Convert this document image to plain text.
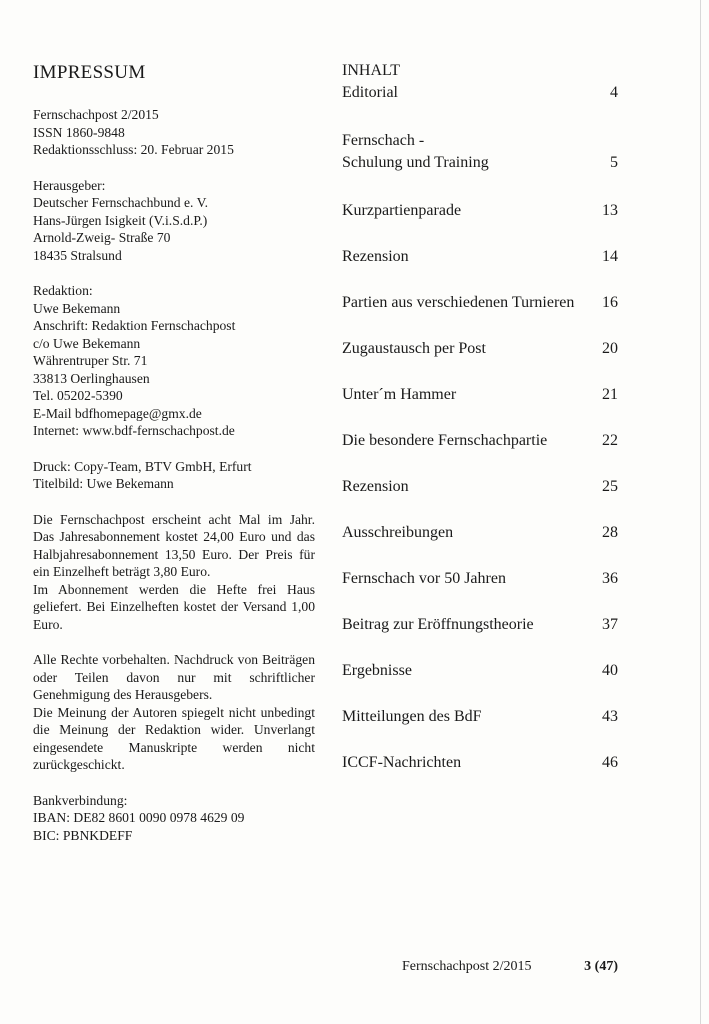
IMPRESSUM
Fernschachpost 2/2015
ISSN 1860-9848
Redaktionsschluss: 20. Februar 2015
Herausgeber:
Deutscher Fernschachbund e. V.
Hans-Jürgen Isigkeit (V.i.S.d.P.)
Arnold-Zweig- Straße 70
18435 Stralsund
Redaktion:
Uwe Bekemann
Anschrift: Redaktion Fernschachpost
c/o Uwe Bekemann
Währentruper Str. 71
33813 Oerlinghausen
Tel. 05202-5390
E-Mail bdfhomepage@gmx.de
Internet: www.bdf-fernschachpost.de
Druck: Copy-Team, BTV GmbH, Erfurt
Titelbild: Uwe Bekemann
Die Fernschachpost erscheint acht Mal im Jahr. Das Jahresabonnement kostet 24,00 Euro und das Halbjahresabonnement 13,50 Euro. Der Preis für ein Einzelheft beträgt 3,80 Euro.
Im Abonnement werden die Hefte frei Haus geliefert. Bei Einzelheften kostet der Versand 1,00 Euro.
Alle Rechte vorbehalten. Nachdruck von Beiträgen oder Teilen davon nur mit schriftlicher Genehmigung des Herausgebers.
Die Meinung der Autoren spiegelt nicht unbedingt die Meinung der Redaktion wider. Unverlangt eingesendete Manuskripte werden nicht zurückgeschickt.
Bankverbindung:
IBAN: DE82 8601 0090 0978 4629 09
BIC: PBNKDEFF
INHALT
Editorial	4
Fernschach -
Schulung und Training	5
Kurzpartienparade	13
Rezension	14
Partien aus verschiedenen Turnieren	16
Zugaustausch per Post	20
Unter´m Hammer	21
Die besondere Fernschachpartie	22
Rezension	25
Ausschreibungen	28
Fernschach vor 50 Jahren	36
Beitrag zur Eröffnungstheorie	37
Ergebnisse	40
Mitteilungen des BdF	43
ICCF-Nachrichten	46
Fernschachpost 2/2015	3 (47)
